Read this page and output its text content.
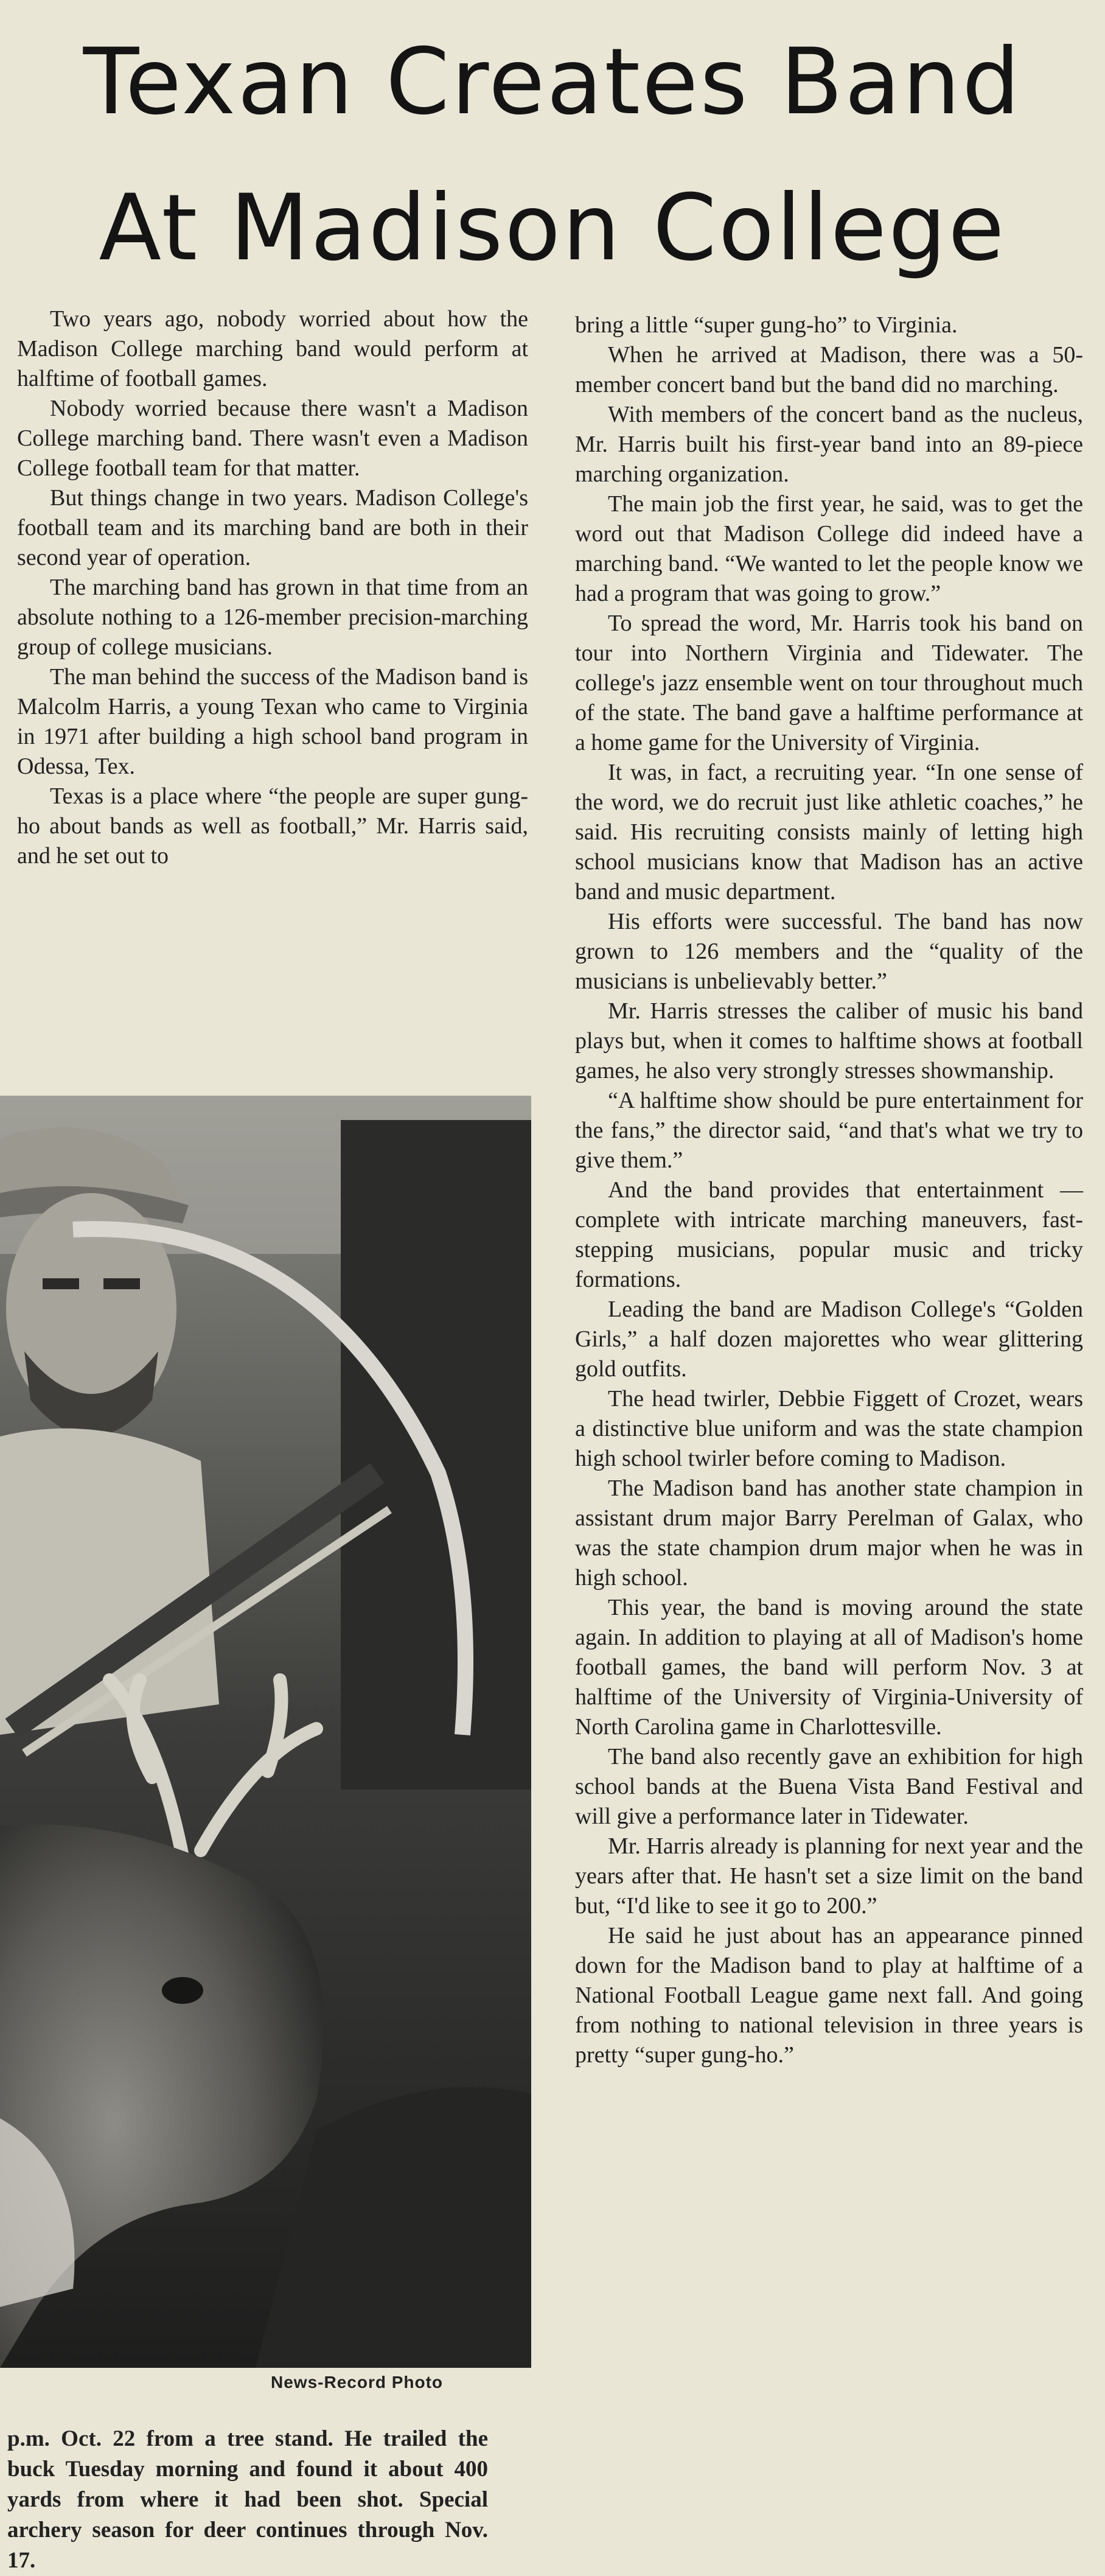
Texan Creates Band
At Madison College

Two years ago, nobody worried about how the Madison College marching band would perform at halftime of football games.

Nobody worried because there wasn't a Madison College marching band. There wasn't even a Madison College football team for that matter.

But things change in two years. Madison College's football team and its marching band are both in their second year of operation.

The marching band has grown in that time from an absolute nothing to a 126-member precision-marching group of college musicians.

The man behind the success of the Madison band is Malcolm Harris, a young Texan who came to Virginia in 1971 after building a high school band program in Odessa, Tex.

Texas is a place where “the people are super gung-ho about bands as well as football,” Mr. Harris said, and he set out to

bring a little “super gung-ho” to Virginia.

When he arrived at Madison, there was a 50-member concert band but the band did no marching.

With members of the concert band as the nucleus, Mr. Harris built his first-year band into an 89-piece marching organization.

The main job the first year, he said, was to get the word out that Madison College did indeed have a marching band. “We wanted to let the people know we had a program that was going to grow.”

To spread the word, Mr. Harris took his band on tour into Northern Virginia and Tidewater. The college's jazz ensemble went on tour throughout much of the state. The band gave a halftime performance at a home game for the University of Virginia.

It was, in fact, a recruiting year. “In one sense of the word, we do recruit just like athletic coaches,” he said. His recruiting consists mainly of letting high school musicians know that Madison has an active band and music department.

His efforts were successful. The band has now grown to 126 members and the “quality of the musicians is unbelievably better.”

Mr. Harris stresses the caliber of music his band plays but, when it comes to halftime shows at football games, he also very strongly stresses showmanship.

“A halftime show should be pure entertainment for the fans,” the director said, “and that's what we try to give them.”

And the band provides that entertainment — complete with intricate marching maneuvers, fast-stepping musicians, popular music and tricky formations.

Leading the band are Madison College's “Golden Girls,” a half dozen majorettes who wear glittering gold outfits.

The head twirler, Debbie Figgett of Crozet, wears a distinctive blue uniform and was the state champion high school twirler before coming to Madison.

The Madison band has another state champion in assistant drum major Barry Perelman of Galax, who was the state champion drum major when he was in high school.

This year, the band is moving around the state again. In addition to playing at all of Madison's home football games, the band will perform Nov. 3 at halftime of the University of Virginia-University of North Carolina game in Charlottesville.

The band also recently gave an exhibition for high school bands at the Buena Vista Band Festival and will give a performance later in Tidewater.

Mr. Harris already is planning for next year and the years after that. He hasn't set a size limit on the band but, “I'd like to see it go to 200.”

He said he just about has an appearance pinned down for the Madison band to play at halftime of a National Football League game next fall. And going from nothing to national television in three years is pretty “super gung-ho.”

News-Record Photo

p.m. Oct. 22 from a tree stand. He trailed the buck Tuesday morning and found it about 400 yards from where it had been shot. Special archery season for deer continues through Nov. 17.
